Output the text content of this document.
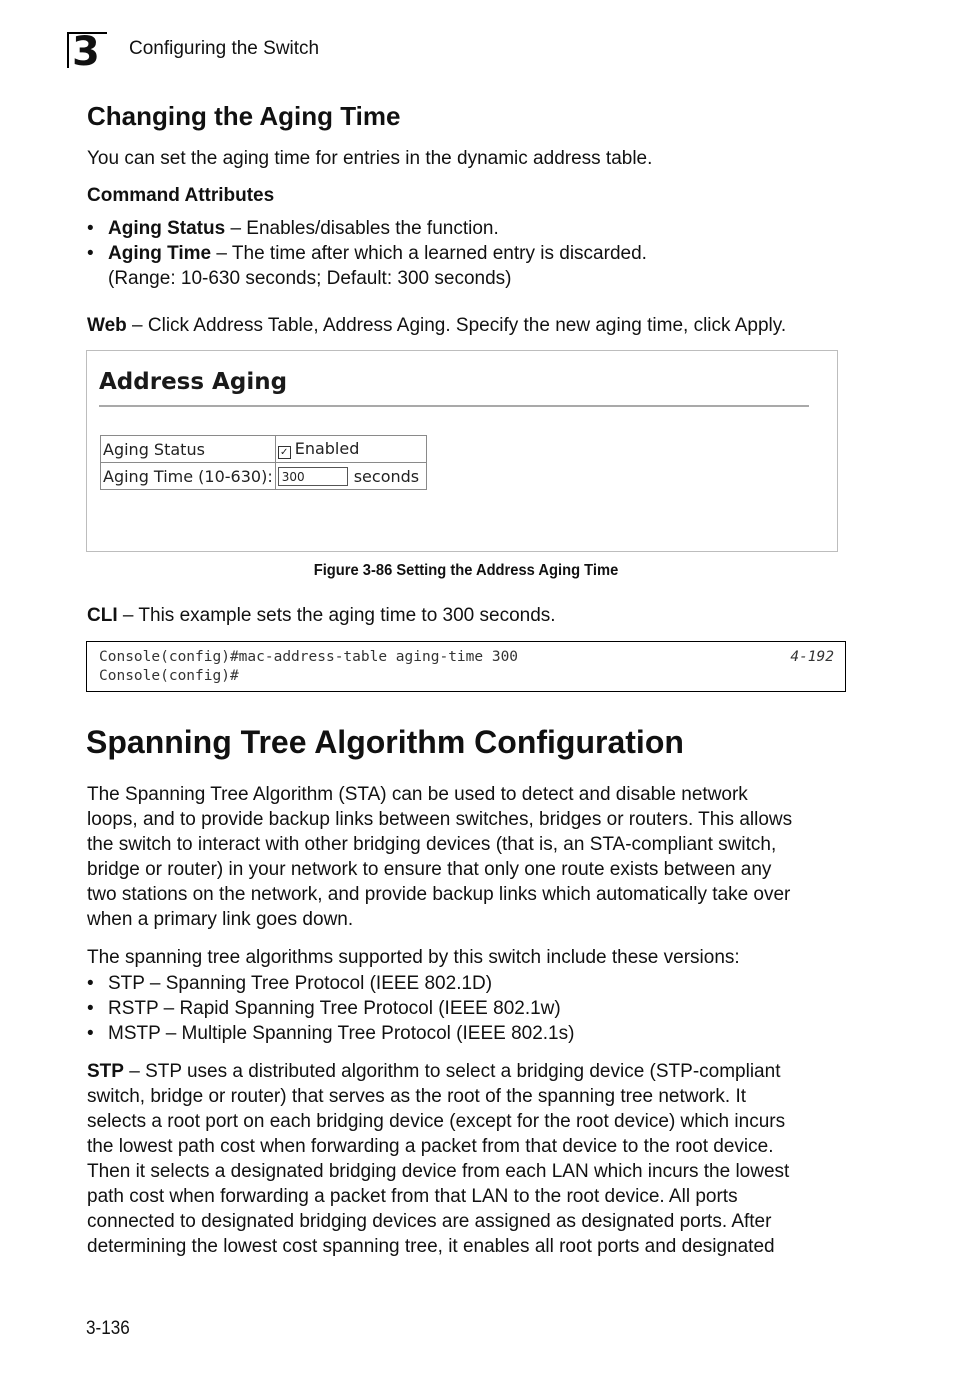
3	Configuring the Switch
Changing the Aging Time
You can set the aging time for entries in the dynamic address table.
Command Attributes
• Aging Status – Enables/disables the function.
• Aging Time – The time after which a learned entry is discarded.
(Range: 10-630 seconds; Default: 300 seconds)
Web – Click Address Table, Address Aging. Specify the new aging time, click Apply.
Address Aging
Aging Status	✓ Enabled
Aging Time (10-630):	300 seconds
Figure 3-86 Setting the Address Aging Time
CLI – This example sets the aging time to 300 seconds.
Console(config)#mac-address-table aging-time 300
Console(config)#
4-192
Spanning Tree Algorithm Configuration
The Spanning Tree Algorithm (STA) can be used to detect and disable network
loops, and to provide backup links between switches, bridges or routers. This allows
the switch to interact with other bridging devices (that is, an STA-compliant switch,
bridge or router) in your network to ensure that only one route exists between any
two stations on the network, and provide backup links which automatically take over
when a primary link goes down.
The spanning tree algorithms supported by this switch include these versions:
• STP – Spanning Tree Protocol (IEEE 802.1D)
• RSTP – Rapid Spanning Tree Protocol (IEEE 802.1w)
• MSTP – Multiple Spanning Tree Protocol (IEEE 802.1s)
STP – STP uses a distributed algorithm to select a bridging device (STP-compliant
switch, bridge or router) that serves as the root of the spanning tree network. It
selects a root port on each bridging device (except for the root device) which incurs
the lowest path cost when forwarding a packet from that device to the root device.
Then it selects a designated bridging device from each LAN which incurs the lowest
path cost when forwarding a packet from that LAN to the root device. All ports
connected to designated bridging devices are assigned as designated ports. After
determining the lowest cost spanning tree, it enables all root ports and designated
3-136
